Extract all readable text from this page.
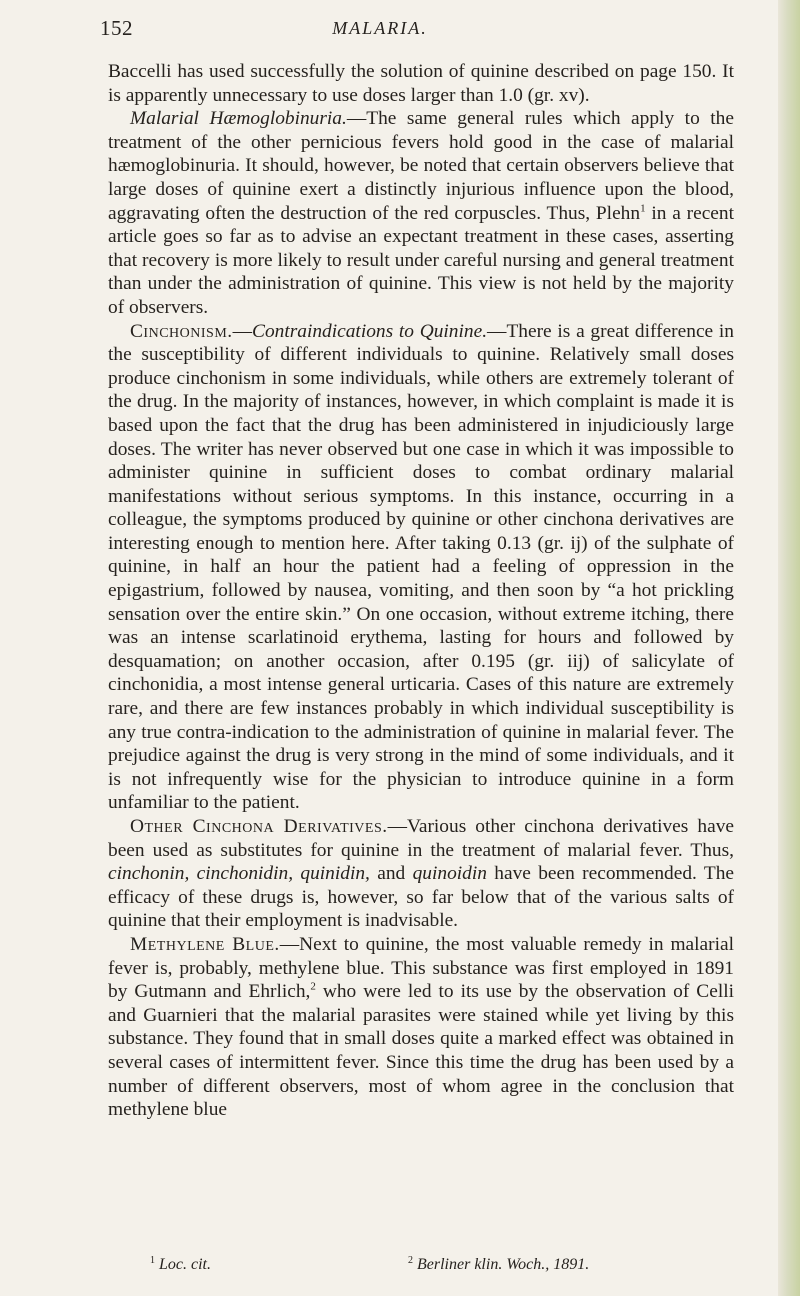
152	MALARIA.

Baccelli has used successfully the solution of quinine described on page 150. It is apparently unnecessary to use doses larger than 1.0 (gr. xv).

Malarial Hæmoglobinuria.—The same general rules which apply to the treatment of the other pernicious fevers hold good in the case of malarial hæmoglobinuria. It should, however, be noted that certain observers believe that large doses of quinine exert a distinctly injurious influence upon the blood, aggravating often the destruction of the red corpuscles. Thus, Plehn$^1$ in a recent article goes so far as to advise an expectant treatment in these cases, asserting that recovery is more likely to result under careful nursing and general treatment than under the administration of quinine. This view is not held by the majority of observers.

Cinchonism.—Contraindications to Quinine.—There is a great difference in the susceptibility of different individuals to quinine. Relatively small doses produce cinchonism in some individuals, while others are extremely tolerant of the drug. In the majority of instances, however, in which complaint is made it is based upon the fact that the drug has been administered in injudiciously large doses. The writer has never observed but one case in which it was impossible to administer quinine in sufficient doses to combat ordinary malarial manifestations without serious symptoms. In this instance, occurring in a colleague, the symptoms produced by quinine or other cinchona derivatives are interesting enough to mention here. After taking 0.13 (gr. ij) of the sulphate of quinine, in half an hour the patient had a feeling of oppression in the epigastrium, followed by nausea, vomiting, and then soon by “a hot prickling sensation over the entire skin.” On one occasion, without extreme itching, there was an intense scarlatinoid erythema, lasting for hours and followed by desquamation; on another occasion, after 0.195 (gr. iij) of salicylate of cinchonidia, a most intense general urticaria. Cases of this nature are extremely rare, and there are few instances probably in which individual susceptibility is any true contra-indication to the administration of quinine in malarial fever. The prejudice against the drug is very strong in the mind of some individuals, and it is not infrequently wise for the physician to introduce quinine in a form unfamiliar to the patient.

Other Cinchona Derivatives.—Various other cinchona derivatives have been used as substitutes for quinine in the treatment of malarial fever. Thus, cinchonin, cinchonidin, quinidin, and quinoidin have been recommended. The efficacy of these drugs is, however, so far below that of the various salts of quinine that their employment is inadvisable.

Methylene Blue.—Next to quinine, the most valuable remedy in malarial fever is, probably, methylene blue. This substance was first employed in 1891 by Gutmann and Ehrlich,$^2$ who were led to its use by the observation of Celli and Guarnieri that the malarial parasites were stained while yet living by this substance. They found that in small doses quite a marked effect was obtained in several cases of intermittent fever. Since this time the drug has been used by a number of different observers, most of whom agree in the conclusion that methylene blue

$^1$ Loc. cit.	$^2$ Berliner klin. Woch., 1891.
